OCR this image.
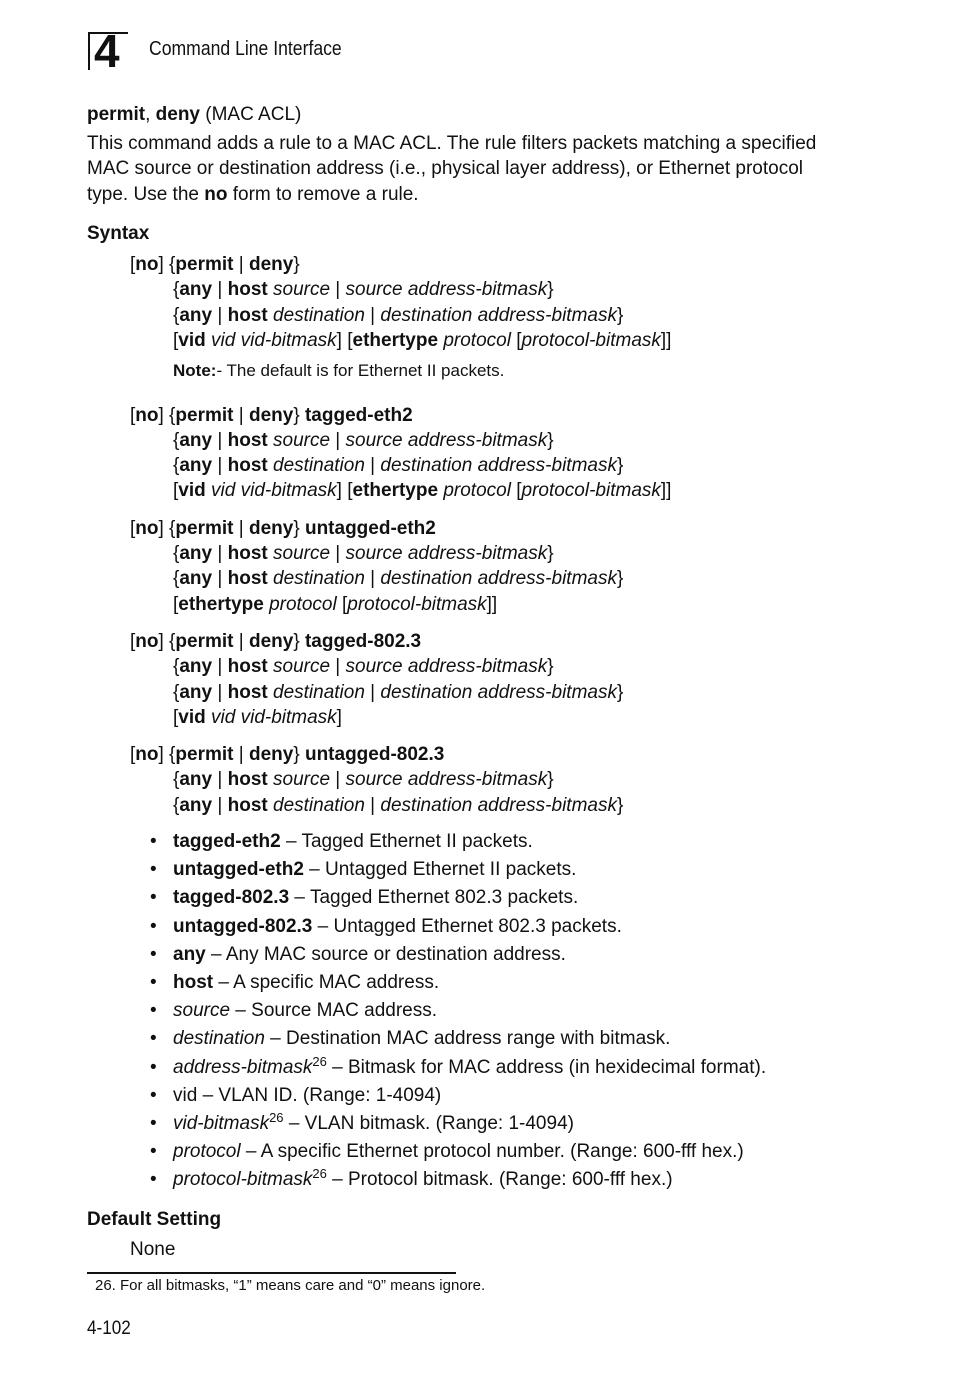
4 Command Line Interface
permit, deny (MAC ACL)
This command adds a rule to a MAC ACL. The rule filters packets matching a specified MAC source or destination address (i.e., physical layer address), or Ethernet protocol type. Use the no form to remove a rule.
Syntax
[no] {permit | deny}
{any | host source | source address-bitmask}
{any | host destination | destination address-bitmask}
[vid vid vid-bitmask] [ethertype protocol [protocol-bitmask]]
Note:- The default is for Ethernet II packets.
[no] {permit | deny} tagged-eth2
{any | host source | source address-bitmask}
{any | host destination | destination address-bitmask}
[vid vid vid-bitmask] [ethertype protocol [protocol-bitmask]]
[no] {permit | deny} untagged-eth2
{any | host source | source address-bitmask}
{any | host destination | destination address-bitmask}
[ethertype protocol [protocol-bitmask]]
[no] {permit | deny} tagged-802.3
{any | host source | source address-bitmask}
{any | host destination | destination address-bitmask}
[vid vid vid-bitmask]
[no] {permit | deny} untagged-802.3
{any | host source | source address-bitmask}
{any | host destination | destination address-bitmask}
• tagged-eth2 – Tagged Ethernet II packets.
• untagged-eth2 – Untagged Ethernet II packets.
• tagged-802.3 – Tagged Ethernet 802.3 packets.
• untagged-802.3 – Untagged Ethernet 802.3 packets.
• any – Any MAC source or destination address.
• host – A specific MAC address.
• source – Source MAC address.
• destination – Destination MAC address range with bitmask.
• address-bitmask$^{26}$ – Bitmask for MAC address (in hexidecimal format).
• vid – VLAN ID. (Range: 1-4094)
• vid-bitmask$^{26}$ – VLAN bitmask. (Range: 1-4094)
• protocol – A specific Ethernet protocol number. (Range: 600-fff hex.)
• protocol-bitmask$^{26}$ – Protocol bitmask. (Range: 600-fff hex.)
Default Setting
None
26. For all bitmasks, “1” means care and “0” means ignore.
4-102
